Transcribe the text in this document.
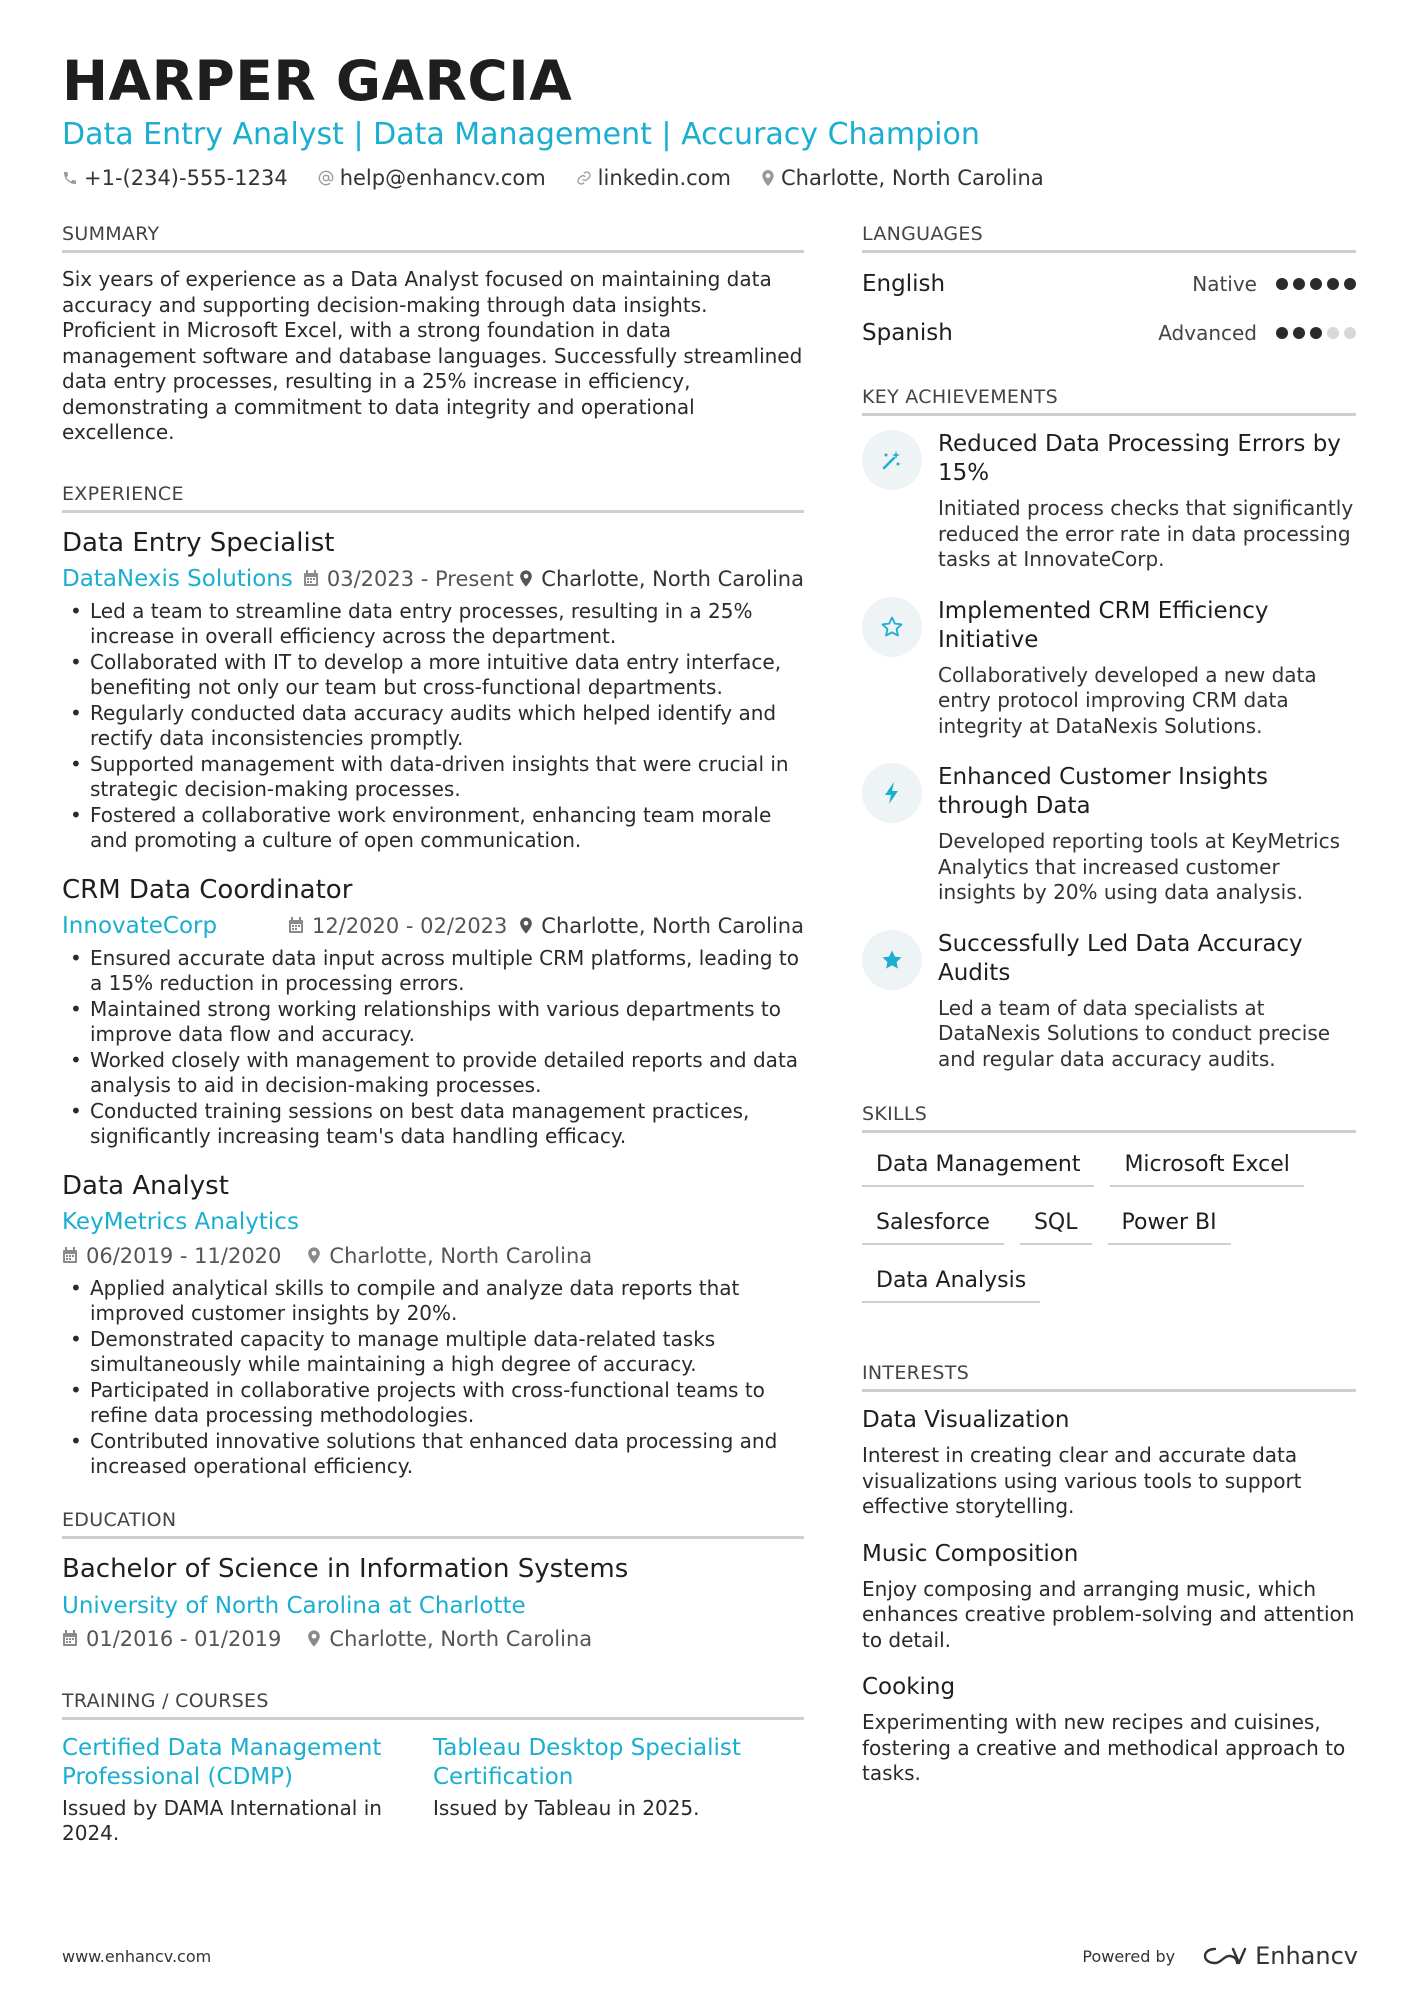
HARPER GARCIA
Data Entry Analyst | Data Management | Accuracy Champion
+1-(234)-555-1234 help@enhancv.com linkedin.com Charlotte, North Carolina
SUMMARY
Six years of experience as a Data Analyst focused on maintaining data accuracy and supporting decision-making through data insights. Proficient in Microsoft Excel, with a strong foundation in data management software and database languages. Successfully streamlined data entry processes, resulting in a 25% increase in efficiency, demonstrating a commitment to data integrity and operational excellence.
EXPERIENCE
Data Entry Specialist
DataNexis Solutions 03/2023 - Present Charlotte, North Carolina
• Led a team to streamline data entry processes, resulting in a 25% increase in overall efficiency across the department.
• Collaborated with IT to develop a more intuitive data entry interface, benefiting not only our team but cross-functional departments.
• Regularly conducted data accuracy audits which helped identify and rectify data inconsistencies promptly.
• Supported management with data-driven insights that were crucial in strategic decision-making processes.
• Fostered a collaborative work environment, enhancing team morale and promoting a culture of open communication.
CRM Data Coordinator
InnovateCorp	12/2020 - 02/2023 Charlotte, North Carolina
• Ensured accurate data input across multiple CRM platforms, leading to a 15% reduction in processing errors.
• Maintained strong working relationships with various departments to improve data flow and accuracy.
• Worked closely with management to provide detailed reports and data analysis to aid in decision-making processes.
• Conducted training sessions on best data management practices, significantly increasing team's data handling efficacy.
Data Analyst
KeyMetrics Analytics
06/2019 - 11/2020 Charlotte, North Carolina
• Applied analytical skills to compile and analyze data reports that improved customer insights by 20%.
• Demonstrated capacity to manage multiple data-related tasks simultaneously while maintaining a high degree of accuracy.
• Participated in collaborative projects with cross-functional teams to refine data processing methodologies.
• Contributed innovative solutions that enhanced data processing and increased operational efficiency.
EDUCATION
Bachelor of Science in Information Systems
University of North Carolina at Charlotte
01/2016 - 01/2019 Charlotte, North Carolina
TRAINING / COURSES
Certified Data Management Professional (CDMP)
Issued by DAMA International in 2024.
Tableau Desktop Specialist Certification
Issued by Tableau in 2025.
LANGUAGES
English	Native
Spanish	Advanced
KEY ACHIEVEMENTS
Reduced Data Processing Errors by 15%
Initiated process checks that significantly reduced the error rate in data processing tasks at InnovateCorp.
Implemented CRM Efficiency Initiative
Collaboratively developed a new data entry protocol improving CRM data integrity at DataNexis Solutions.
Enhanced Customer Insights through Data
Developed reporting tools at KeyMetrics Analytics that increased customer insights by 20% using data analysis.
Successfully Led Data Accuracy Audits
Led a team of data specialists at DataNexis Solutions to conduct precise and regular data accuracy audits.
SKILLS
Data Management	Microsoft Excel
Salesforce	SQL	Power BI
Data Analysis
INTERESTS
Data Visualization
Interest in creating clear and accurate data visualizations using various tools to support effective storytelling.
Music Composition
Enjoy composing and arranging music, which enhances creative problem-solving and attention to detail.
Cooking
Experimenting with new recipes and cuisines, fostering a creative and methodical approach to tasks.
www.enhancv.com	Powered by	Enhancv
